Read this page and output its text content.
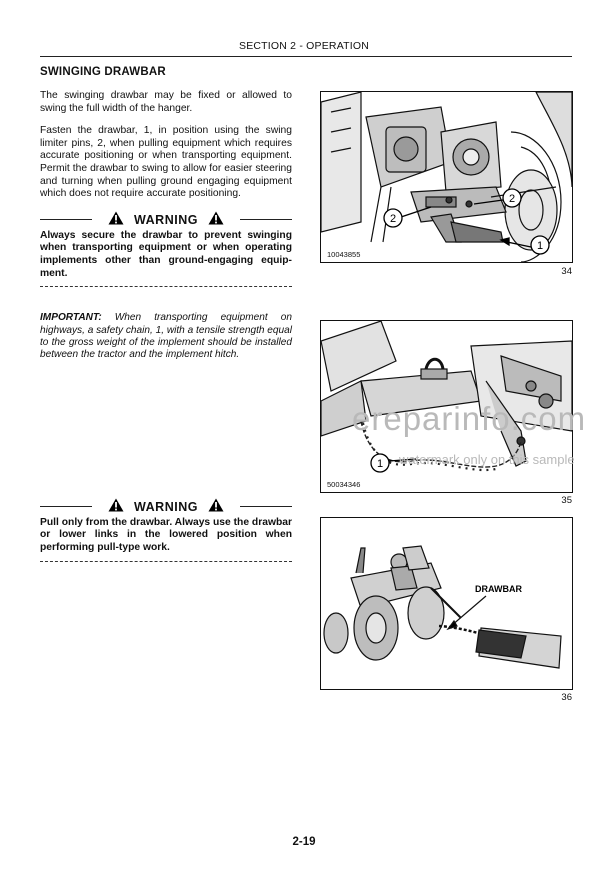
SECTION 2 - OPERATION
SWINGING DRAWBAR

The swinging drawbar may be fixed or allowed to swing the full width of the hanger.

Fasten the drawbar, 1, in position using the swing limiter pins, 2, when pulling equipment which requires accurate positioning or when transporting equipment. Permit the drawbar to swing to allow for easier steering and turning when pulling ground engaging equipment which does not require accurate positioning.

WARNING

Always secure the drawbar to prevent swinging when transporting equipment or when operating implements other than ground-engaging equip-ment.

IMPORTANT: When transporting equipment on highways, a safety chain, 1, with a tensile strength equal to the gross weight of the implement should be installed between the tractor and the implement hitch.

WARNING

Pull only from the drawbar. Always use the drawbar or lower links in the lowered position when performing pull-type work.

1
2
2
10043855
34
1
50034346
35
ereparinfo.com
watermark only on this sample
DRAWBAR
36
2-19
